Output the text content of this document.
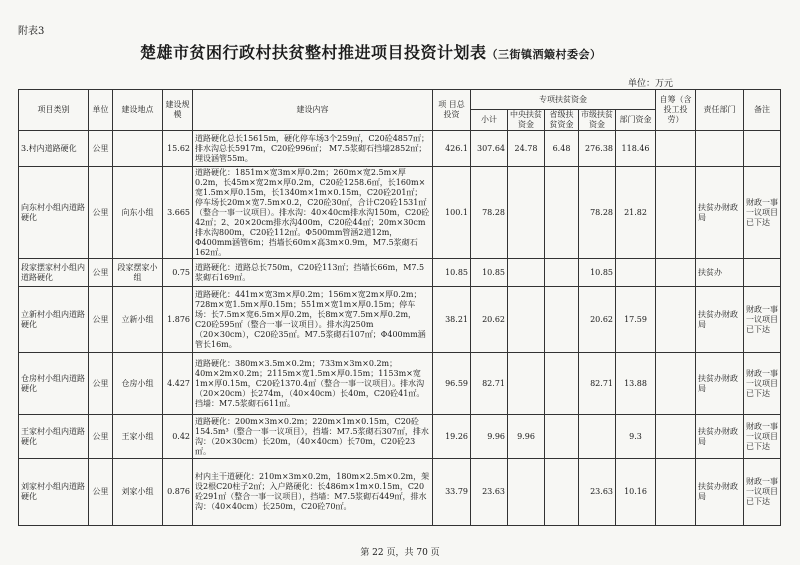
附表3
楚雄市贫困行政村扶贫整村推进项目投资计划表（三街镇洒簸村委会）
单位：万元
项目类别	单位	建设地点	建设规模	建设内容	项 目总投资	专项扶贫资金					自筹（含投工投劳）	责任部门	备注
						小计	中央扶贫资金	省级扶贫资金	市级扶贫资金	部门资金			
3.村内道路硬化	公里		15.62	道路硬化总长15615m，硬化停车场3个259㎡，C20砼4857㎡；排水沟总长5917m，C20砼996㎡； M7.5浆砌石挡墙2852㎡；埋设涵管55m。	426.1	307.64	24.78	6.48	276.38	118.46			
向东村小组内道路硬化	公里	向东小组	3.665	道路硬化：1851m×宽3m×厚0.2m；260m×宽2.5m×厚0.2m，长45m×宽2m×厚0.2m，C20砼1258.6㎡，长160m×宽1.5m×厚0.15m，长1340m×1m×0.15m，C20砼201㎡；停车场长20m×宽7.5m×0.2，C20砼30㎡，合计C20砼1531㎡（整合一事一议项目）。排水沟：40×40cm排水沟150m，C20砼42㎡；2、20×20cm排水沟400m，C20砼44㎡；20m×30cm排水沟800m，C20砼112㎡。Φ500mm管涵2道12m，Φ400mm涵管6m；挡墙长60m×高3m×0.9m，M7.5浆砌石162㎡。	100.1	78.28			78.28	21.82		扶贫办财政局	财政一事一议项目已下达
段家摆家村小组内道路硬化	公里	段家摆家小组	0.75	道路硬化：道路总长750m，C20砼113㎡；挡墙长66m，M7.5浆砌石169㎡。	10.85	10.85			10.85			扶贫办	
立新村小组内道路硬化	公里	立新小组	1.876	道路硬化：441m×宽3m×厚0.2m；156m×宽2m×厚0.2m；728m×宽1.5m×厚0.15m；551m×宽1m×厚0.15m；停车场：长7.5m×宽6.5m×厚0.2m，长8m×宽7.5m×厚0.2m，C20砼595㎡（整合一事一议项目）。排水沟250m（20×30cm），C20砼35㎡。M7.5浆砌石107㎡；Φ400mm涵管长16m。	38.21	20.62			20.62	17.59		扶贫办财政局	财政一事一议项目已下达
仓房村小组内道路硬化	公里	仓房小组	4.427	道路硬化：380m×3.5m×0.2m；733m×3m×0.2m；40m×2m×0.2m；2115m×宽1.5m×厚0.15m；1153m×宽1m×厚0.15m，C20砼1370.4㎡（整合一事一议项目）。排水沟（20×20cm）长274m，（40×40cm）长40m，C20砼41㎡。挡墙：M7.5浆砌石611㎡。	96.59	82.71			82.71	13.88		扶贫办财政局	财政一事一议项目已下达
王家村小组内道路硬化	公里	王家小组	0.42	道路硬化：200m×3m×0.2m；220m×1m×0.15m，C20砼154.5m³（整合一事一议项目），挡墙：M7.5浆砌石307㎡，排水沟：（20×30cm）长20m，（40×40cm）长70m，C20砼23㎡。	19.26	9.96	9.96			9.3		扶贫办财政局	财政一事一议项目已下达
刘家村小组内道路硬化	公里	刘家小组	0.876	村内主干道硬化：210m×3m×0.2m，180m×2.5m×0.2m，架设2根C20柱子2㎡；入户路硬化：长486m×1m×0.15m，C20砼291㎡（整合一事一议项目），挡墙：M7.5浆砌石449㎡，排水沟：（40×40cm）长250m，C20砼70㎡。	33.79	23.63			23.63	10.16		扶贫办财政局	财政一事一议项目已下达
第 22 页，共 70 页
